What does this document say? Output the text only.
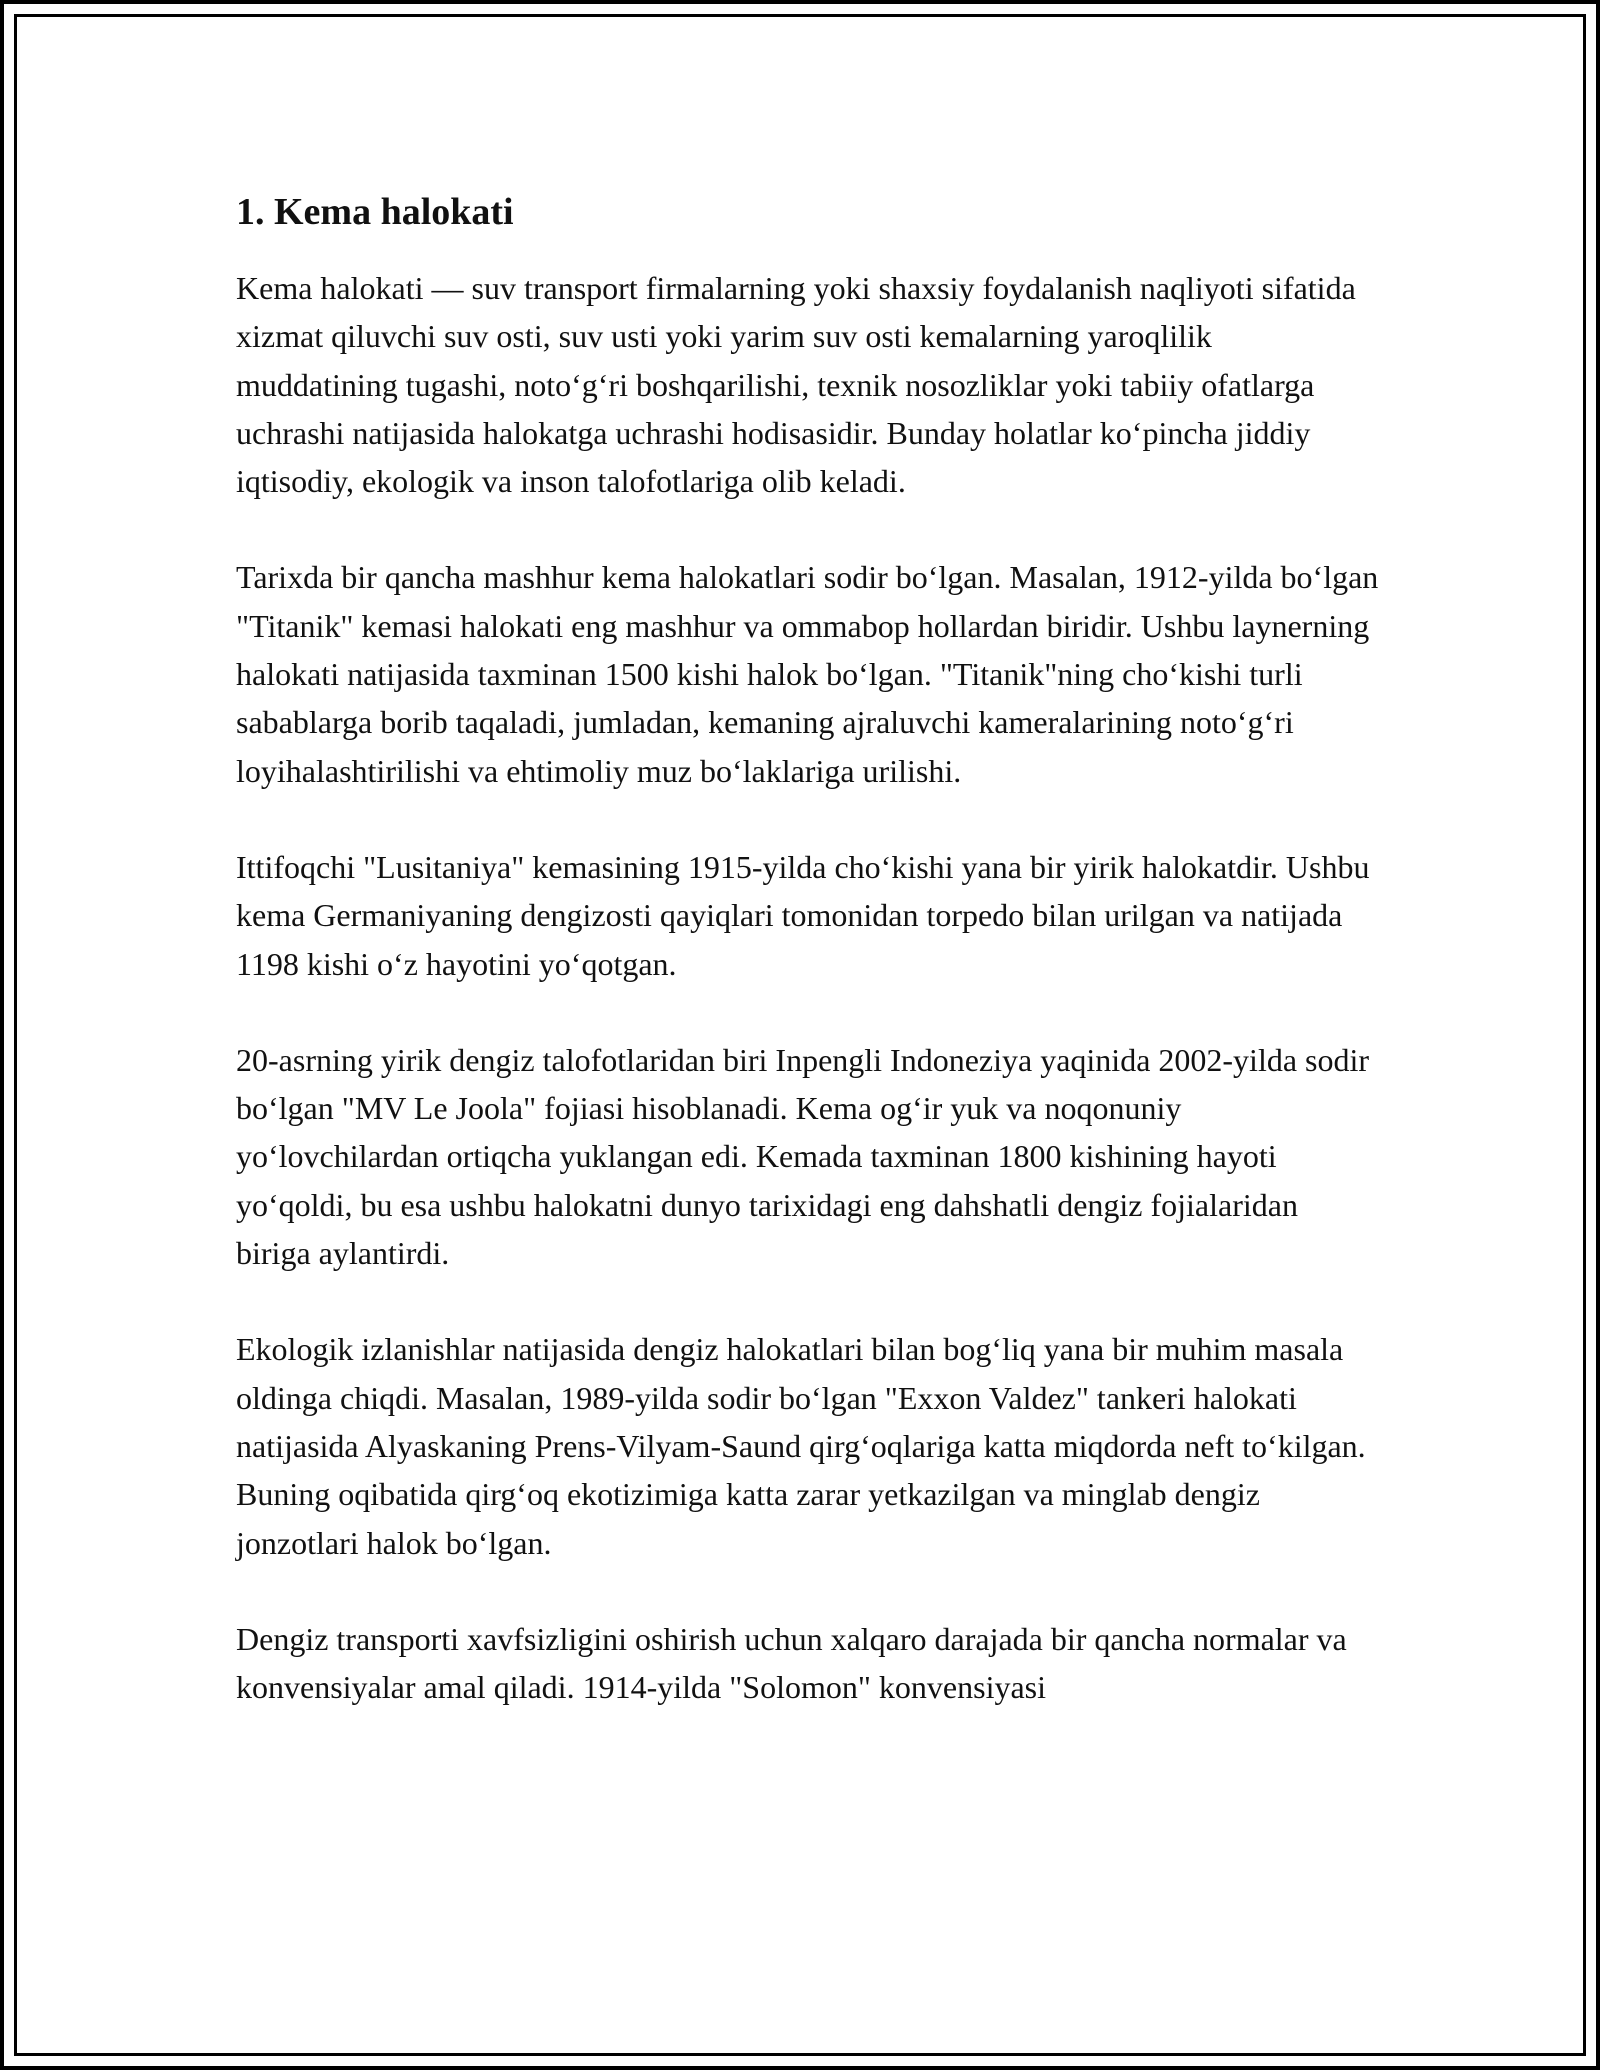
1. Kema halokati

Kema halokati — suv transport firmalarning yoki shaxsiy foydalanish naqliyoti sifatida xizmat qiluvchi suv osti, suv usti yoki yarim suv osti kemalarning yaroqlilik muddatining tugashi, noto‘g‘ri boshqarilishi, texnik nosozliklar yoki tabiiy ofatlarga uchrashi natijasida halokatga uchrashi hodisasidir. Bunday holatlar ko‘pincha jiddiy iqtisodiy, ekologik va inson talofotlariga olib keladi.

Tarixda bir qancha mashhur kema halokatlari sodir bo‘lgan. Masalan, 1912-yilda bo‘lgan "Titanik" kemasi halokati eng mashhur va ommabop hollardan biridir. Ushbu laynerning halokati natijasida taxminan 1500 kishi halok bo‘lgan. "Titanik"ning cho‘kishi turli sabablarga borib taqaladi, jumladan, kemaning ajraluvchi kameralarining noto‘g‘ri loyihalashtirilishi va ehtimoliy muz bo‘laklariga urilishi.

Ittifoqchi "Lusitaniya" kemasining 1915-yilda cho‘kishi yana bir yirik halokatdir. Ushbu kema Germaniyaning dengizosti qayiqlari tomonidan torpedo bilan urilgan va natijada 1198 kishi o‘z hayotini yo‘qotgan.

20-asrning yirik dengiz talofotlaridan biri Inpengli Indoneziya yaqinida 2002-yilda sodir bo‘lgan "MV Le Joola" fojiasi hisoblanadi. Kema og‘ir yuk va noqonuniy yo‘lovchilardan ortiqcha yuklangan edi. Kemada taxminan 1800 kishining hayoti yo‘qoldi, bu esa ushbu halokatni dunyo tarixidagi eng dahshatli dengiz fojialaridan biriga aylantirdi.

Ekologik izlanishlar natijasida dengiz halokatlari bilan bog‘liq yana bir muhim masala oldinga chiqdi. Masalan, 1989-yilda sodir bo‘lgan "Exxon Valdez" tankeri halokati natijasida Alyaskaning Prens-Vilyam-Saund qirg‘oqlariga katta miqdorda neft to‘kilgan. Buning oqibatida qirg‘oq ekotizimiga katta zarar yetkazilgan va minglab dengiz jonzotlari halok bo‘lgan.

Dengiz transporti xavfsizligini oshirish uchun xalqaro darajada bir qancha normalar va konvensiyalar amal qiladi. 1914-yilda "Solomon" konvensiyasi
